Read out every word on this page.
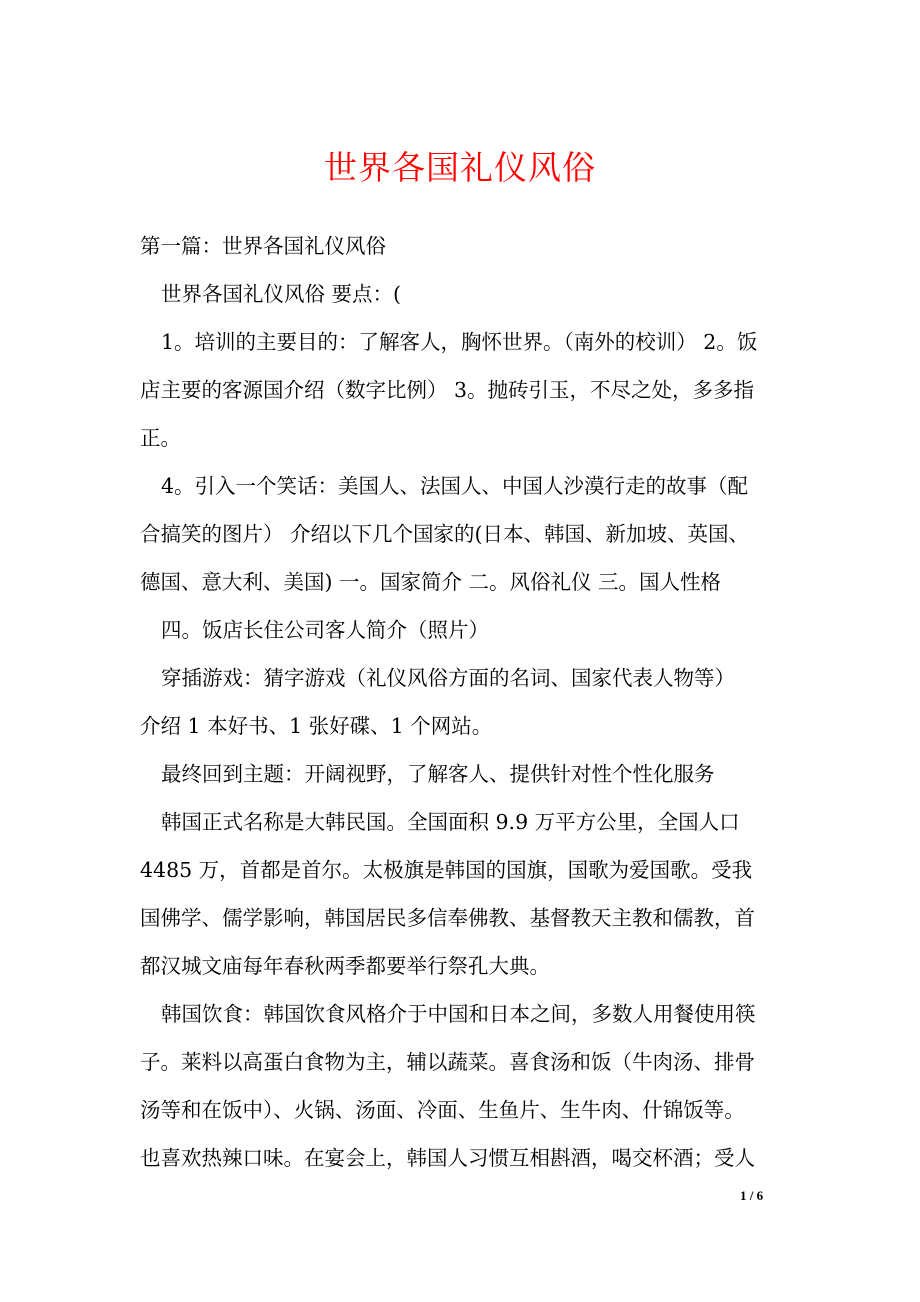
世界各国礼仪风俗
第一篇：世界各国礼仪风俗
世界各国礼仪风俗 要点：(
1。培训的主要目的：了解客人，胸怀世界。（南外的校训） 2。饭
店主要的客源国介绍（数字比例） 3。抛砖引玉，不尽之处，多多指
正。
4。引入一个笑话：美国人、法国人、中国人沙漠行走的故事（配
合搞笑的图片） 介绍以下几个国家的(日本、韩国、新加坡、英国、
德国、意大利、美国) 一。国家简介 二。风俗礼仪 三。国人性格
四。饭店长住公司客人简介（照片）
穿插游戏：猜字游戏（礼仪风俗方面的名词、国家代表人物等）
介绍 1 本好书、1 张好碟、1 个网站。
最终回到主题：开阔视野，了解客人、提供针对性个性化服务
韩国正式名称是大韩民国。全国面积 9.9 万平方公里，全国人口
4485 万，首都是首尔。太极旗是韩国的国旗，国歌为爱国歌。受我
国佛学、儒学影响，韩国居民多信奉佛教、基督教天主教和儒教，首
都汉城文庙每年春秋两季都要举行祭孔大典。
韩国饮食：韩国饮食风格介于中国和日本之间，多数人用餐使用筷
子。莱料以高蛋白食物为主，辅以蔬菜。喜食汤和饭（牛肉汤、排骨
汤等和在饭中）、火锅、汤面、冷面、生鱼片、生牛肉、什锦饭等。
也喜欢热辣口味。在宴会上，韩国人习惯互相斟酒，喝交杯酒；受人
1 / 6
